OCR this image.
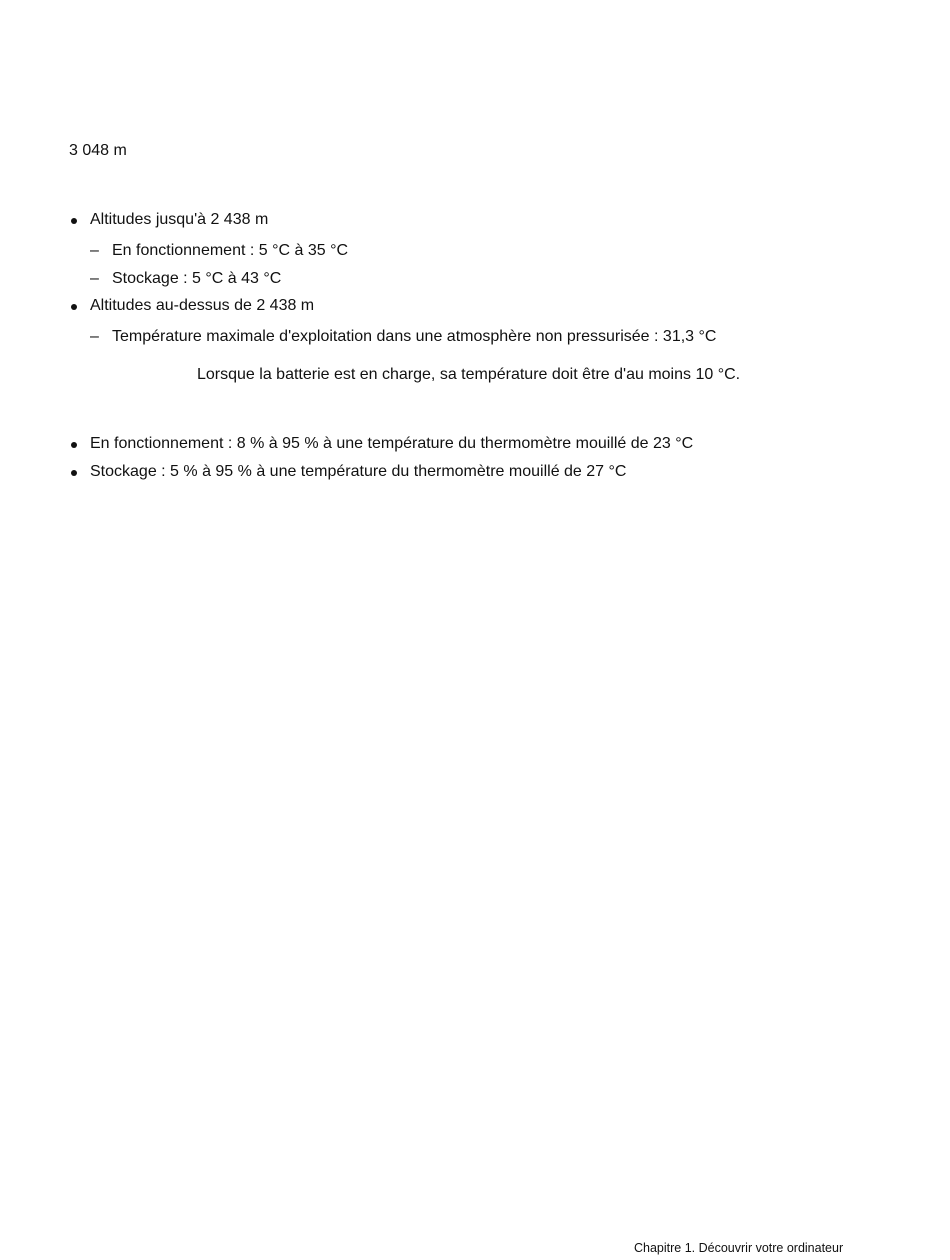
3 048 m
Altitudes jusqu'à 2 438 m
– En fonctionnement : 5 °C à 35 °C
– Stockage : 5 °C à 43 °C
Altitudes au-dessus de 2 438 m
– Température maximale d'exploitation dans une atmosphère non pressurisée : 31,3 °C
Lorsque la batterie est en charge, sa température doit être d'au moins 10 °C.
En fonctionnement : 8 % à 95 % à une température du thermomètre mouillé de 23 °C
Stockage : 5 % à 95 % à une température du thermomètre mouillé de 27 °C
Chapitre 1. Découvrir votre ordinateur
